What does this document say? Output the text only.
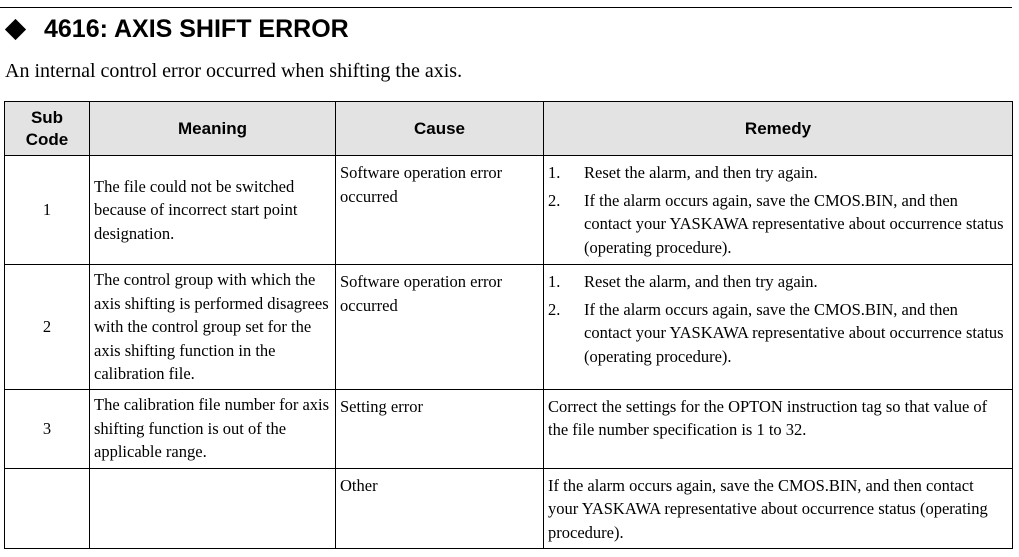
4616: AXIS SHIFT ERROR
An internal control error occurred when shifting the axis.
Sub
Code	Meaning	Cause	Remedy
1	The file could not be switched because of incorrect start point designation.	Software operation error occurred	1. Reset the alarm, and then try again.
2. If the alarm occurs again, save the CMOS.BIN, and then contact your YASKAWA representative about occurrence status (operating procedure).

2	The control group with which the axis shifting is performed disagrees with the control group set for the axis shifting function in the calibration file.	Software operation error occurred	1. Reset the alarm, and then try again.
2. If the alarm occurs again, save the CMOS.BIN, and then contact your YASKAWA representative about occurrence status (operating procedure).

3	The calibration file number for axis shifting function is out of the applicable range.	Setting error	Correct the settings for the OPTON instruction tag so that value of the file number specification is 1 to 32.
		Other	If the alarm occurs again, save the CMOS.BIN, and then contact your YASKAWA representative about occurrence status (operating procedure).
